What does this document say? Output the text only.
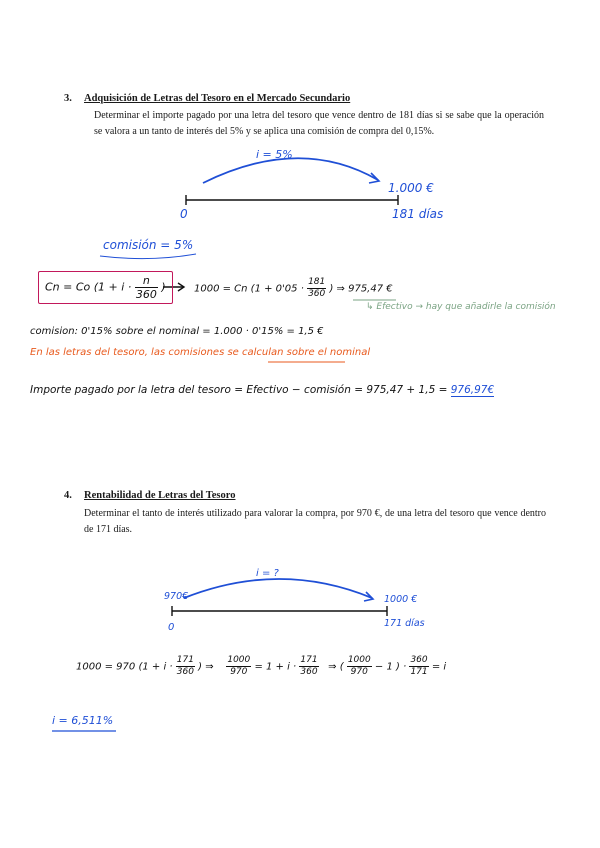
3. Adquisición de Letras del Tesoro en el Mercado Secundario
Determinar el importe pagado por una letra del tesoro que vence dentro de 181 días si se sabe que la operación se valora a un tanto de interés del 5% y se aplica una comisión de compra del 0,15%.
i = 5%
1.000 €
0	181 días
comisión = 5%
Cn = Co ($1 + i \cdot \frac{n}{360}$ )	1000 = Cn ($1 + 0'05 \cdot \frac{181}{360}$ ) ⇒ 975,47 €
↳ Efectivo → hay que añadirle la comisión
comision: 0'15% sobre el nominal = 1.000 · 0'15% = 1,5 €
En las letras del tesoro, las comisiones se calculan sobre el nominal
Importe pagado por la letra del tesoro = Efectivo − comisión = 975,47 + 1,5 = 976,97€
4. Rentabilidad de Letras del Tesoro
Determinar el tanto de interés utilizado para valorar la compra, por 970 €, de una letra del tesoro que vence dentro de 171 días.
i = ?
970€	1000 €
0	171 días
1000 = 970 ($1 + i \cdot \frac{171}{360}$ ) ⇒ $\frac{1000}{970} = 1 + i \cdot \frac{171}{360}$ ⇒ ( $\frac{1000}{970} - 1$ ) · $\frac{360}{171} = i$
i = 6,511%
